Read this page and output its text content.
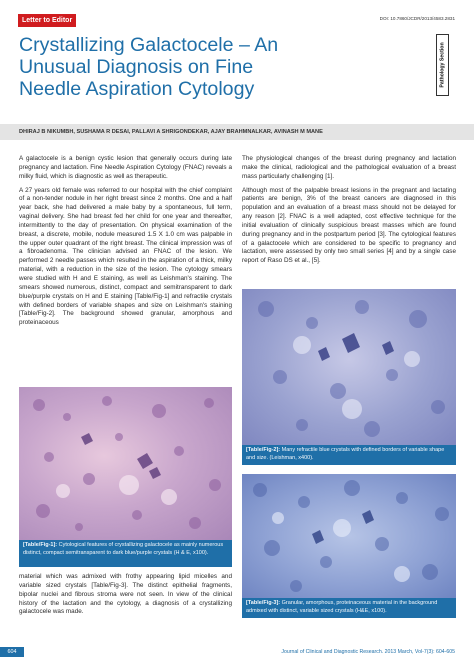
Letter to Editor	DOI: 10.7860/JCDR/2013/4583.2831
Pathology Section
Crystallizing Galactocele – An
Unusual Diagnosis on Fine
Needle Aspiration Cytology
DHIRAJ B NIKUMBH, SUSHAMA R DESAI, PALLAVI A SHRIGONDEKAR, AJAY BRAHMNALKAR, AVINASH M MANE

A galactocele is a benign cystic lesion that generally occurs during late pregnancy and lactation. Fine Needle Aspiration Cytology (FNAC) reveals a milky fluid, which is diagnostic as well as therapeutic.

A 27 years old female was referred to our hospital with the chief complaint of a non-tender nodule in her right breast since 2 months. One and a half year back, she had delivered a male baby by a spontaneous, full term, vaginal delivery. She had breast fed her child for one year and thereafter, intermittently to the day of presentation. On physical examination of the breast, a discrete, mobile, nodule measured 1.5 X 1.0 cm was palpable in the upper outer quadrant of the right breast. The clinical impression was of a fibroadenoma. The clinician advised an FNAC of the lesion. We performed 2 needle passes which resulted in the aspiration of a thick, milky material, with a reduction in the size of the lesion. The cytology smears were studied with H and E staining, as well as Leishman's staining. The smears showed numerous, distinct, compact and semitransparent to dark blue/purple crystals on H and E staining [Table/Fig-1] and refractile crystals with defined borders of variable shapes and size on Leishman's staining [Table/Fig-2]. The background showed granular, amorphous and proteinaceous

The physiological changes of the breast during pregnancy and lactation make the clinical, radiological and the pathological evaluation of a breast mass particularly challenging [1].

Although most of the palpable breast lesions in the pregnant and lactating patients are benign, 3% of the breast cancers are diagnosed in this population and an evaluation of a breast mass should not be delayed for any reason [2]. FNAC is a well adapted, cost effective technique for the initial evaluation of clinically suspicious breast masses which are found during pregnancy and in the postpartum period [3]. The cytological features of a galactocele which are considered to be specific to pregnancy and lactation, were assessed by only two small series [4] and by a single case report of Raso DS et al., [5].

[Table/Fig-1]: Cytological features of crystallizing galactocele as mainly numerous distinct, compact semitransparent to dark blue/purple crystals (H & E, x100).

material which was admixed with frothy appearing lipid micelles and variable sized crystals [Table/Fig-3]. The distinct epithelial fragments, bipolar nuclei and fibrous stroma were not seen. In view of the clinical history of the lactation and the cytology, a diagnosis of a crystallizing galactocele was made.

[Table/Fig-2]: Many refractile blue crystals with defined borders of variable shape and size. (Leishman, x400).
[Table/Fig-3]: Granular, amorphous, proteinaceous material in the background admixed with distinct, variable sized crystals (H&E, x100).
604	Journal of Clinical and Diagnostic Research. 2013 March, Vol-7(3): 604-605
